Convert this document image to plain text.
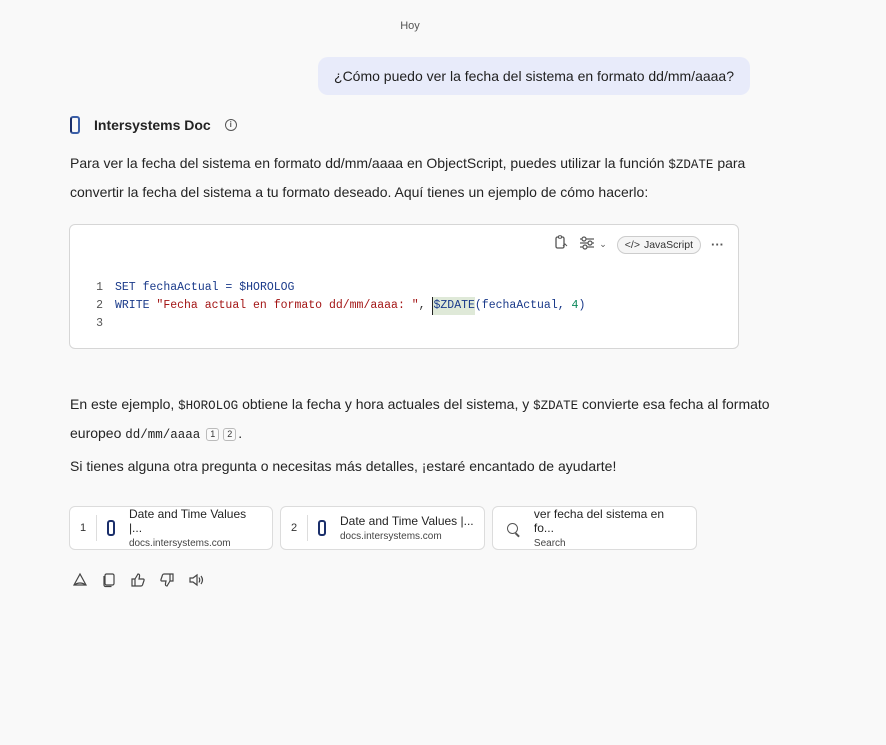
Hoy
¿Cómo puedo ver la fecha del sistema en formato dd/mm/aaaa?
Intersystems Doc	i
Para ver la fecha del sistema en formato dd/mm/aaaa en ObjectScript, puedes utilizar la función $ZDATE para convertir la fecha del sistema a tu formato deseado. Aquí tienes un ejemplo de cómo hacerlo:
⌄ </> JavaScript ···
1	SET fechaActual = $HOROLOG
2	WRITE "Fecha actual en formato dd/mm/aaaa: " , $ZDATE (fechaActual, 4 )
3
En este ejemplo, $HOROLOG obtiene la fecha y hora actuales del sistema, y $ZDATE convierte esa fecha al formato europeo dd/mm/aaaa 1 2 .
Si tienes alguna otra pregunta o necesitas más detalles, ¡estaré encantado de ayudarte!
1
Date and Time Values |...
docs.intersystems.com
2	Date and Time Values |...
docs.intersystems.com
ver fecha del sistema en fo...
Search
